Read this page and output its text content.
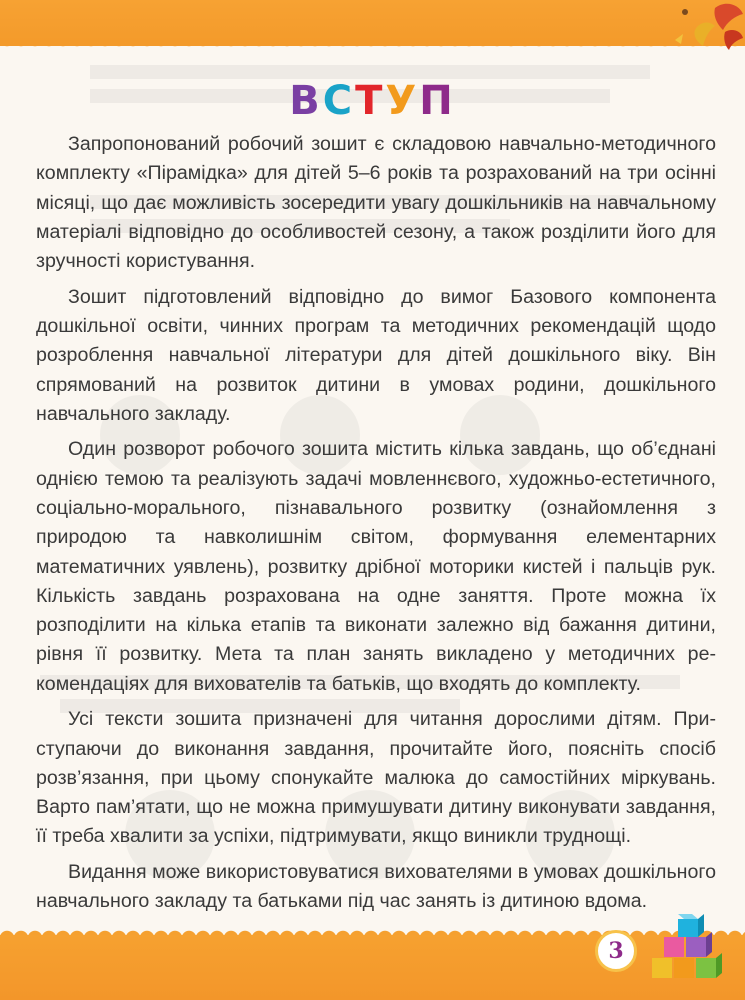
ВСТУП

Запропонований робочий зошит є складовою навчально-методичного комплекту «Пірамідка» для дітей 5–6 років та розрахований на три осінні місяці, що дає можливість зосередити увагу дошкільників на навчальному матеріалі відповідно до особливостей сезону, а також розділити його для зручності користування.

Зошит підготовлений відповідно до вимог Базового компонента дошкільної освіти, чинних програм та методичних рекомендацій щодо розроблення навчальної літератури для дітей дошкільного віку. Він спрямований на розвиток дитини в умовах родини, дошкільного навчального закладу.

Один розворот робочого зошита містить кілька завдань, що об’єднані однією темою та реалізують задачі мовленнєвого, художньо-естетичного, соціально-морального, пізнавального розвитку (ознайомлення з природою та навколишнім світом, формування елементарних математичних уявлень), розвитку дрібної моторики кистей і пальців рук. Кількість завдань розрахована на одне заняття. Проте можна їх розподілити на кілька етапів та виконати залежно від бажання дитини, рівня її розвитку. Мета та план занять викладено у методичних рекомендаціях для вихователів та батьків, що входять до комплекту.

Усі тексти зошита призначені для читання дорослими дітям. Приступаючи до виконання завдання, прочитайте його, поясніть спосіб розв’язання, при цьому спонукайте малюка до самостійних міркувань. Варто пам’ятати, що не можна примушувати дитину виконувати завдання, її треба хвалити за успіхи, підтримувати, якщо виникли труднощі.

Видання може використовуватися вихователями в умовах дошкільного навчального закладу та батьками під час занять із дитиною вдома.

3
